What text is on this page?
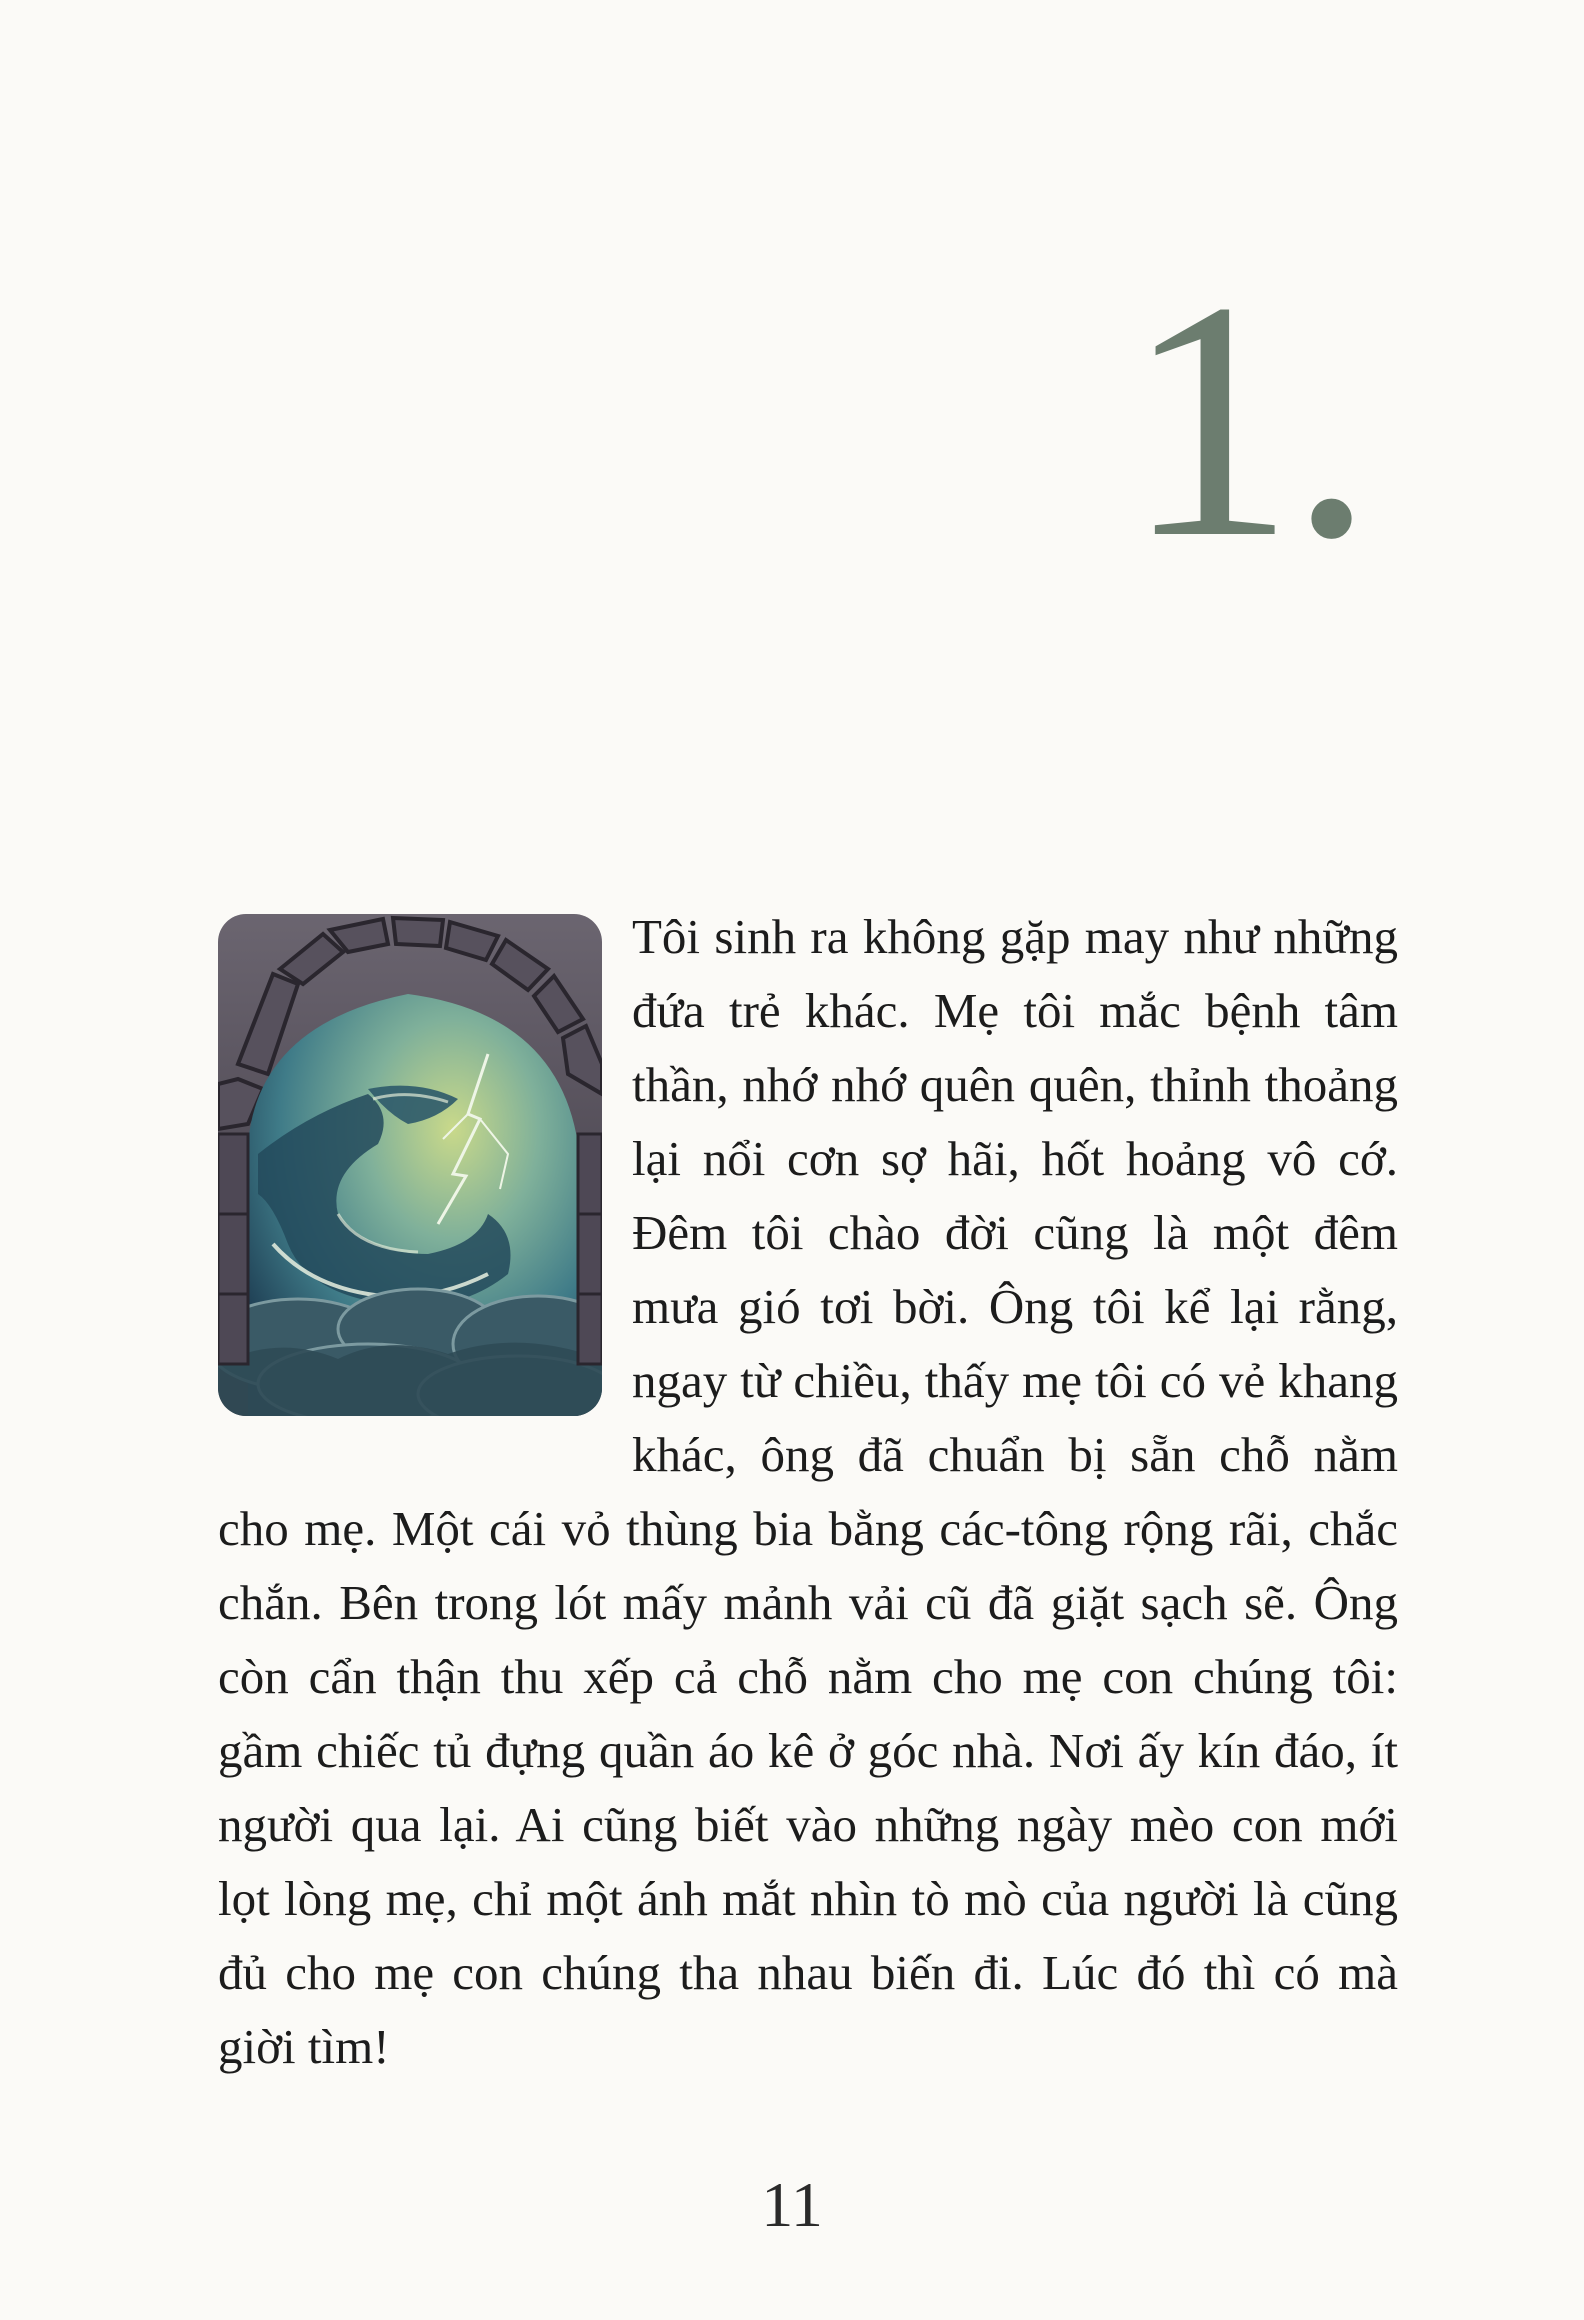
1.

Tôi sinh ra không gặp may như những đứa trẻ khác. Mẹ tôi mắc bệnh tâm thần, nhớ nhớ quên quên, thỉnh thoảng lại nổi cơn sợ hãi, hốt hoảng vô cớ. Đêm tôi chào đời cũng là một đêm mưa gió tơi bời. Ông tôi kể lại rằng, ngay từ chiều, thấy mẹ tôi có vẻ khang khác, ông đã chuẩn bị sẵn chỗ nằm cho mẹ. Một cái vỏ thùng bia bằng các-tông rộng rãi, chắc chắn. Bên trong lót mấy mảnh vải cũ đã giặt sạch sẽ. Ông còn cẩn thận thu xếp cả chỗ nằm cho mẹ con chúng tôi: gầm chiếc tủ đựng quần áo kê ở góc nhà. Nơi ấy kín đáo, ít người qua lại. Ai cũng biết vào những ngày mèo con mới lọt lòng mẹ, chỉ một ánh mắt nhìn tò mò của người là cũng đủ cho mẹ con chúng tha nhau biến đi. Lúc đó thì có mà giời tìm!

11
